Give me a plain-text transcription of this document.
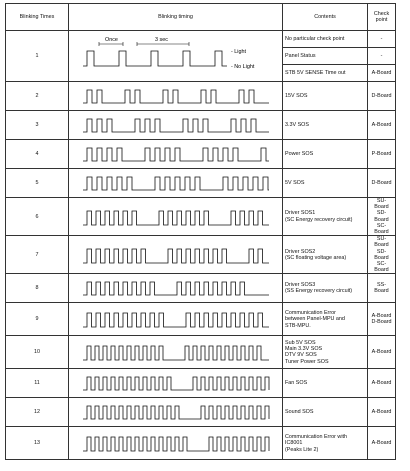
Blinking Times	Blinking timing	Contents	Check point
1	Once 3 sec
- Light
- No Light	No particular check point	-
		Panel Status	-
		STB 5V SENSE Time out	A-Board
2		15V SOS	D-Board

3		3.3V SOS	A-Board

4		Power SOS	P-Board

5		5V SOS	D-Board

6		Driver SOS1
(SC Energy recovery circuit)	SU-Board
SD-Board
SC-Board

7		Driver SOS2
(SC floating voltage area)	SU-Board
SD-Board
SC-Board

8		Driver SOS3
(SS Energy recovery circuit)	SS-Board

9		Communication Error
between Panel-MPU and
STB-MPU.	A-Board
D-Board

10		Sub 5V SOS
Main 3.3V SOS
DTV 9V SOS
Tuner Power SOS	A-Board

11		Fan SOS	A-Board

12		Sound SOS	A-Board

13		Communication Error with
IC8001
(Peaks Lite 2)	A-Board
